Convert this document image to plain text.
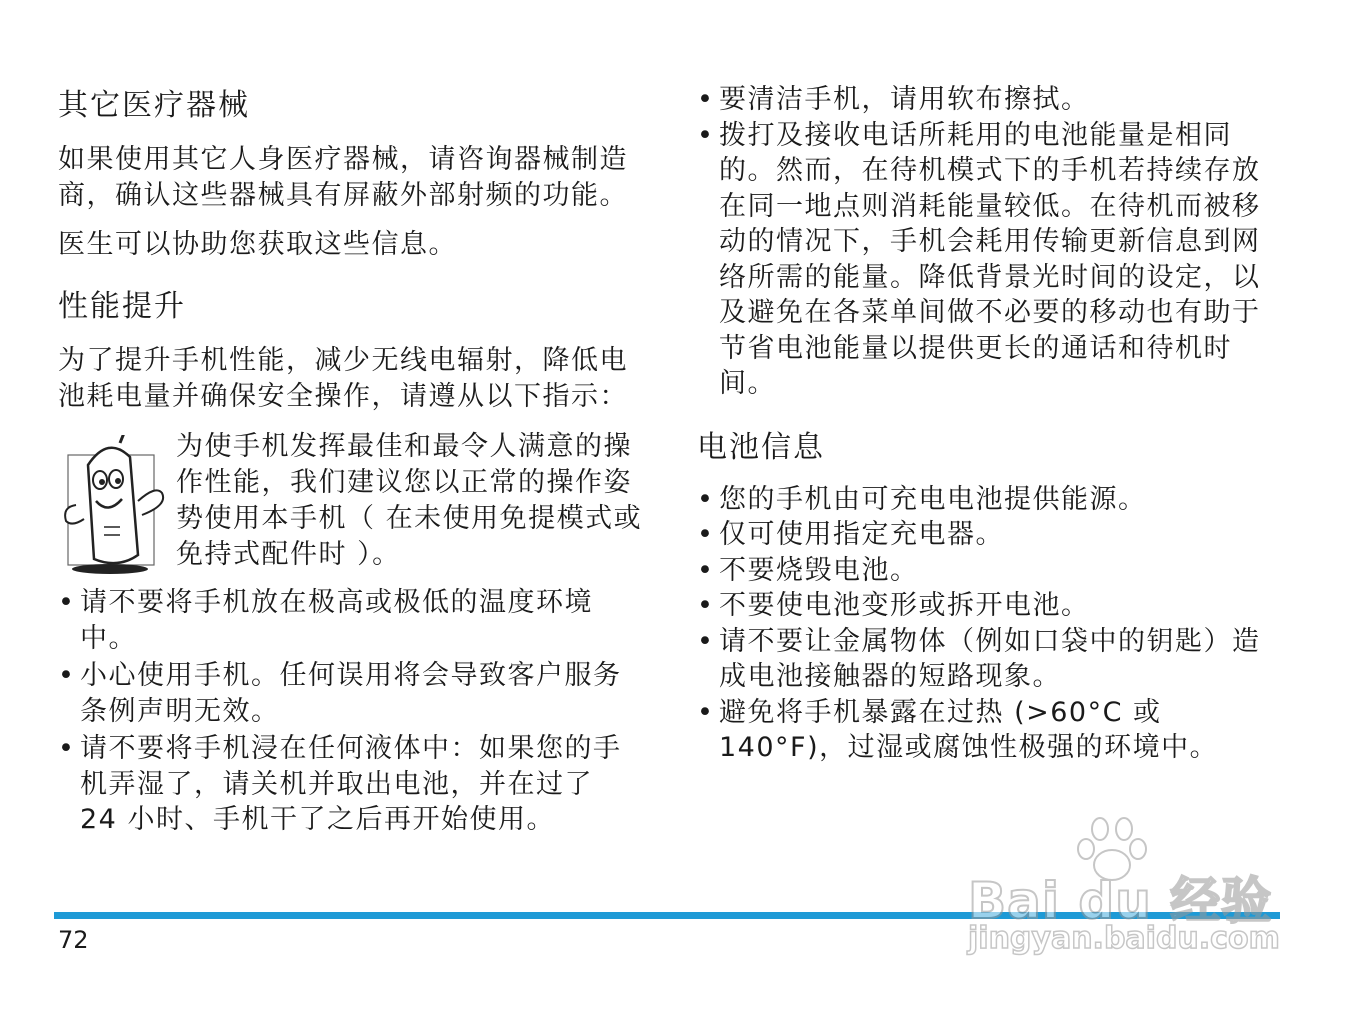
其它医疗器械

如果使用其它人身医疗器械，请咨询器械制造商，确认这些器械具有屏蔽外部射频的功能。

医生可以协助您获取这些信息。

性能提升

为了提升手机性能，减少无线电辐射，降低电池耗电量并确保安全操作，请遵从以下指示：

为使手机发挥最佳和最令人满意的操作性能，我们建议您以正常的操作姿势使用本手机（ 在未使用免提模式或免持式配件时 ）。
• 请不要将手机放在极高或极低的温度环境中。
• 小心使用手机。任何误用将会导致客户服务条例声明无效。
• 请不要将手机浸在任何液体中：如果您的手机弄湿了，请关机并取出电池，并在过了 24 小时、手机干了之后再开始使用。
• 要清洁手机，请用软布擦拭。
• 拨打及接收电话所耗用的电池能量是相同的。然而，在待机模式下的手机若持续存放在同一地点则消耗能量较低。在待机而被移动的情况下，手机会耗用传输更新信息到网络所需的能量。降低背景光时间的设定，以及避免在各菜单间做不必要的移动也有助于节省电池能量以提供更长的通话和待机时间。
电池信息
• 您的手机由可充电电池提供能源。
• 仅可使用指定充电器。
• 不要烧毁电池。
• 不要使电池变形或拆开电池。
• 请不要让金属物体（例如口袋中的钥匙）造成电池接触器的短路现象。
• 避免将手机暴露在过热 (>60°C 或 140°F)，过湿或腐蚀性极强的环境中。
72
Bai du 经验
jingyan.baidu.com
